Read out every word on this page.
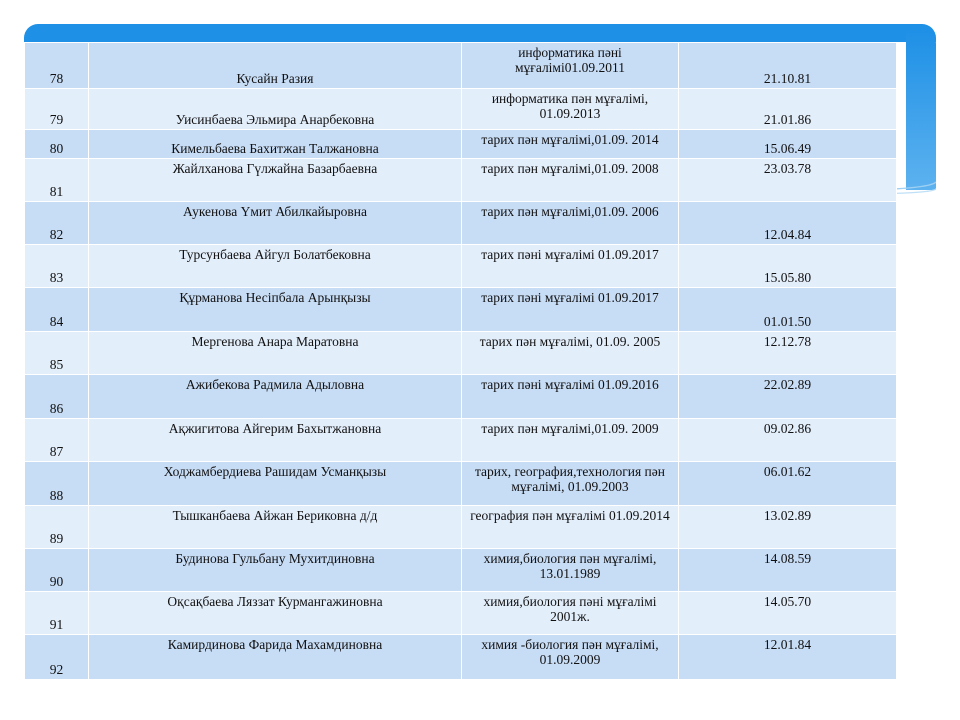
78	Кусайн Разия	информатика пәні мұғалімі01.09.2011	21.10.81
79	Уисинбаева Эльмира Анарбековна	информатика пән мұғалімі, 01.09.2013	21.01.86
80	Кимельбаева Бахитжан Талжановна	тарих пән мұғалімі,01.09. 2014	15.06.49
81	Жайлханова Гүлжайна Базарбаевна	тарих пән мұғалімі,01.09. 2008	23.03.78
82	Аукенова Үмит Абилкайыровна	тарих пән мұғалімі,01.09. 2006	12.04.84
83	Турсунбаева Айгул Болатбековна	тарих пәні мұғалімі 01.09.2017	15.05.80
84	Құрманова Несіпбала Арынқызы	тарих пәні мұғалімі 01.09.2017	01.01.50
85	Мергенова Анара Маратовна	тарих пән мұғалімі, 01.09. 2005	12.12.78
86	Ажибекова Радмила Адыловна	тарих пәні мұғалімі 01.09.2016	22.02.89
87	Ақжигитова Айгерим Бахытжановна	тарих пән мұғалімі,01.09. 2009	09.02.86
88	Ходжамбердиева Рашидам Усманқызы	тарих, география,технология пән мұғалімі, 01.09.2003	06.01.62
89	Тышканбаева Айжан Бериковна д/д	география пән мұғалімі 01.09.2014	13.02.89
90	Будинова Гульбану Мухитдиновна	химия,биология пән мұғалімі, 13.01.1989	14.08.59
91	Оқсақбаева Ляззат Курмангажиновна	химия,биология пәні мұғалімі 2001ж.	14.05.70
92	Камирдинова Фарида Махамдиновна	химия -биология пән мұғалімі, 01.09.2009	12.01.84
